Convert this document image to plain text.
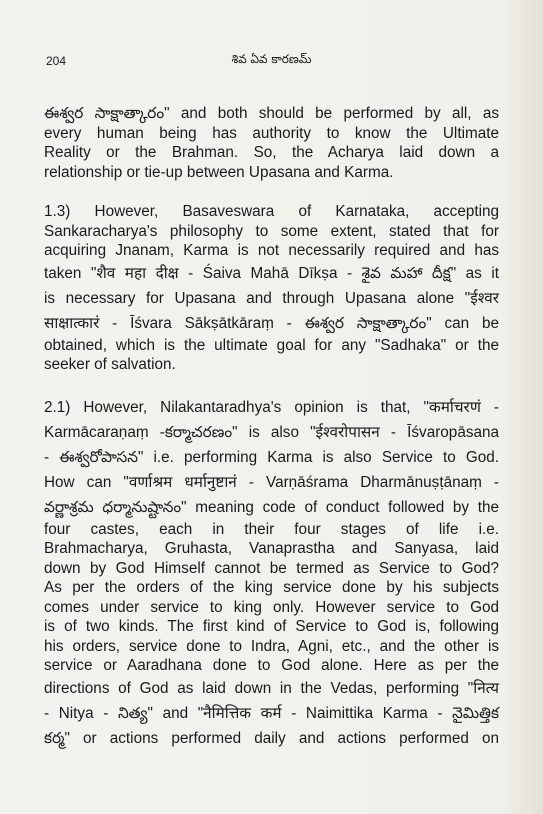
204	శివ ఏవ కారణమ్
ఈశ్వర సాక్షాత్కారం" and both should be performed by all, as
every human being has authority to know the Ultimate
Reality or the Brahman. So, the Acharya laid down a
relationship or tie-up between Upasana and Karma.
1.3) However, Basaveswara of Karnataka, accepting
Sankaracharya's philosophy to some extent, stated that for
acquiring Jnanam, Karma is not necessarily required and has
taken "शैव महा दीक्ष - Śaiva Mahā Dīkṣa - శైవ మహా దీక్ష" as it
is necessary for Upasana and through Upasana alone "ईश्वर
साक्षात्कारं - Īśvara Sākṣātkāraṃ - ఈశ్వర సాక్షాత్కారం" can be
obtained, which is the ultimate goal for any "Sadhaka" or the
seeker of salvation.
2.1) However, Nilakantaradhya's opinion is that, "कर्माचरणं -
Karmācaraṇaṃ -కర్మాచరణం" is also "ईश्वरोपासन - Īśvaropāsana
- ఈశ్వరోపాసన" i.e. performing Karma is also Service to God.
How can "वर्णाश्रम धर्मानुष्टानं - Varṇāśrama Dharmānuṣṭānaṃ -
వర్ణాశ్రమ ధర్మానుష్టానం" meaning code of conduct followed by the
four castes, each in their four stages of life i.e.
Brahmacharya, Gruhasta, Vanaprastha and Sanyasa, laid
down by God Himself cannot be termed as Service to God?
As per the orders of the king service done by his subjects
comes under service to king only. However service to God
is of two kinds. The first kind of Service to God is, following
his orders, service done to Indra, Agni, etc., and the other is
service or Aaradhana done to God alone. Here as per the
directions of God as laid down in the Vedas, performing "नित्य
- Nitya - నిత్య" and "नैमित्तिक कर्म - Naimittika Karma - నైమిత్తిక
కర్మ" or actions performed daily and actions performed on
